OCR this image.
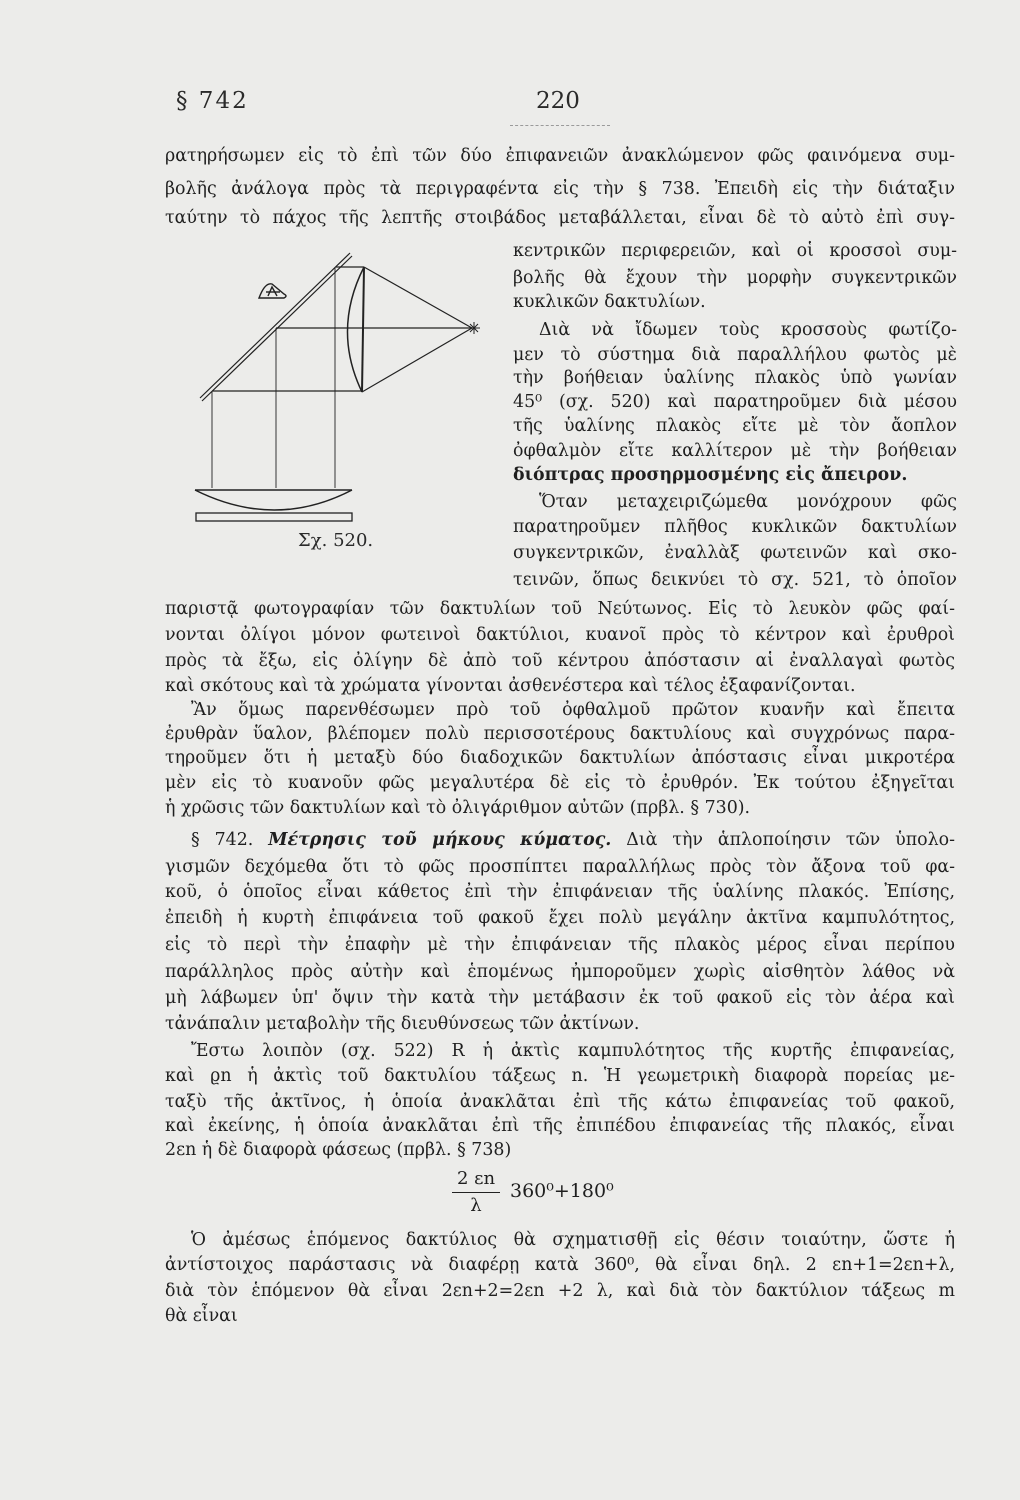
§ 742	220
ρατηρήσωμεν εἰς τὸ ἐπὶ τῶν δύο ἐπιφανειῶν ἀνακλώμενον φῶς φαινόμενα συμ-
βολῆς ἀνάλογα πρὸς τὰ περιγραφέντα εἰς τὴν § 738. Ἐπειδὴ εἰς τὴν διάταξιν
ταύτην τὸ πάχος τῆς λεπτῆς στοιβάδος μεταβάλλεται, εἶναι δὲ τὸ αὐτὸ ἐπὶ συγ-
κεντρικῶν περιφερειῶν, καὶ οἱ κροσσοὶ συμ-
βολῆς θὰ ἔχουν τὴν μορφὴν συγκεντρικῶν
κυκλικῶν δακτυλίων.
Διὰ νὰ ἴδωμεν τοὺς κροσσοὺς φωτίζο-
μεν τὸ σύστημα διὰ παραλλήλου φωτὸς μὲ
τὴν βοήθειαν ὑαλίνης πλακὸς ὑπὸ γωνίαν
45⁰ (σχ. 520) καὶ παρατηροῦμεν διὰ μέσου
τῆς ὑαλίνης πλακὸς εἴτε μὲ τὸν ἄοπλον
ὀφθαλμὸν εἴτε καλλίτερον μὲ τὴν βοήθειαν
διόπτρας προσηρμοσμένης εἰς ἄπειρον.
Ὅταν μεταχειριζώμεθα μονόχρουν φῶς
παρατηροῦμεν πλῆθος κυκλικῶν δακτυλίων
συγκεντρικῶν, ἐναλλὰξ φωτεινῶν καὶ σκο-
τεινῶν, ὅπως δεικνύει τὸ σχ. 521, τὸ ὁποῖον
παριστᾷ φωτογραφίαν τῶν δακτυλίων τοῦ Νεύτωνος. Εἰς τὸ λευκὸν φῶς φαί-
νονται ὀλίγοι μόνον φωτεινοὶ δακτύλιοι, κυανοῖ πρὸς τὸ κέντρον καὶ ἐρυθροὶ
πρὸς τὰ ἔξω, εἰς ὀλίγην δὲ ἀπὸ τοῦ κέντρου ἀπόστασιν αἱ ἐναλλαγαὶ φωτὸς
καὶ σκότους καὶ τὰ χρώματα γίνονται ἀσθενέστερα καὶ τέλος ἐξαφανίζονται.
Ἂν ὅμως παρενθέσωμεν πρὸ τοῦ ὀφθαλμοῦ πρῶτον κυανῆν καὶ ἔπειτα
ἐρυθρὰν ὕαλον, βλέπομεν πολὺ περισσοτέρους δακτυλίους καὶ συγχρόνως παρα-
τηροῦμεν ὅτι ἡ μεταξὺ δύο διαδοχικῶν δακτυλίων ἀπόστασις εἶναι μικροτέρα
μὲν εἰς τὸ κυανοῦν φῶς μεγαλυτέρα δὲ εἰς τὸ ἐρυθρόν. Ἐκ τούτου ἐξηγεῖται
ἡ χρῶσις τῶν δακτυλίων καὶ τὸ ὀλιγάριθμον αὐτῶν (πρβλ. § 730).
§ 742. Μέτρησις τοῦ μήκους κύματος. Διὰ τὴν ἁπλοποίησιν τῶν ὑπολο-
γισμῶν δεχόμεθα ὅτι τὸ φῶς προσπίπτει παραλλήλως πρὸς τὸν ἄξονα τοῦ φα-
κοῦ, ὁ ὁποῖος εἶναι κάθετος ἐπὶ τὴν ἐπιφάνειαν τῆς ὑαλίνης πλακός. Ἐπίσης,
ἐπειδὴ ἡ κυρτὴ ἐπιφάνεια τοῦ φακοῦ ἔχει πολὺ μεγάλην ἀκτῖνα καμπυλότητος,
εἰς τὸ περὶ τὴν ἐπαφὴν μὲ τὴν ἐπιφάνειαν τῆς πλακὸς μέρος εἶναι περίπου
παράλληλος πρὸς αὐτὴν καὶ ἑπομένως ἠμποροῦμεν χωρὶς αἰσθητὸν λάθος νὰ
μὴ λάβωμεν ὑπ' ὄψιν τὴν κατὰ τὴν μετάβασιν ἐκ τοῦ φακοῦ εἰς τὸν ἀέρα καὶ
τἀνάπαλιν μεταβολὴν τῆς διευθύνσεως τῶν ἀκτίνων.
Ἔστω λοιπὸν (σχ. 522) R ἡ ἀκτὶς καμπυλότητος τῆς κυρτῆς ἐπιφανείας,
καὶ ϱn ἡ ἀκτὶς τοῦ δακτυλίου τάξεως n. Ἡ γεωμετρικὴ διαφορὰ πορείας με-
ταξὺ τῆς ἀκτῖνος, ἡ ὁποία ἀνακλᾶται ἐπὶ τῆς κάτω ἐπιφανείας τοῦ φακοῦ,
καὶ ἐκείνης, ἡ ὁποία ἀνακλᾶται ἐπὶ τῆς ἐπιπέδου ἐπιφανείας τῆς πλακός, εἶναι
2εn ἡ δὲ διαφορὰ φάσεως (πρβλ. § 738)
2 εn
λ
360⁰+180⁰
Ὁ ἀμέσως ἑπόμενος δακτύλιος θὰ σχηματισθῇ εἰς θέσιν τοιαύτην, ὥστε ἡ
ἀντίστοιχος παράστασις νὰ διαφέρῃ κατὰ 360⁰, θὰ εἶναι δηλ. 2 εn+1=2εn+λ,
διὰ τὸν ἑπόμενον θὰ εἶναι 2εn+2=2εn +2 λ, καὶ διὰ τὸν δακτύλιον τάξεως m
θὰ εἶναι
Σχ. 520.
